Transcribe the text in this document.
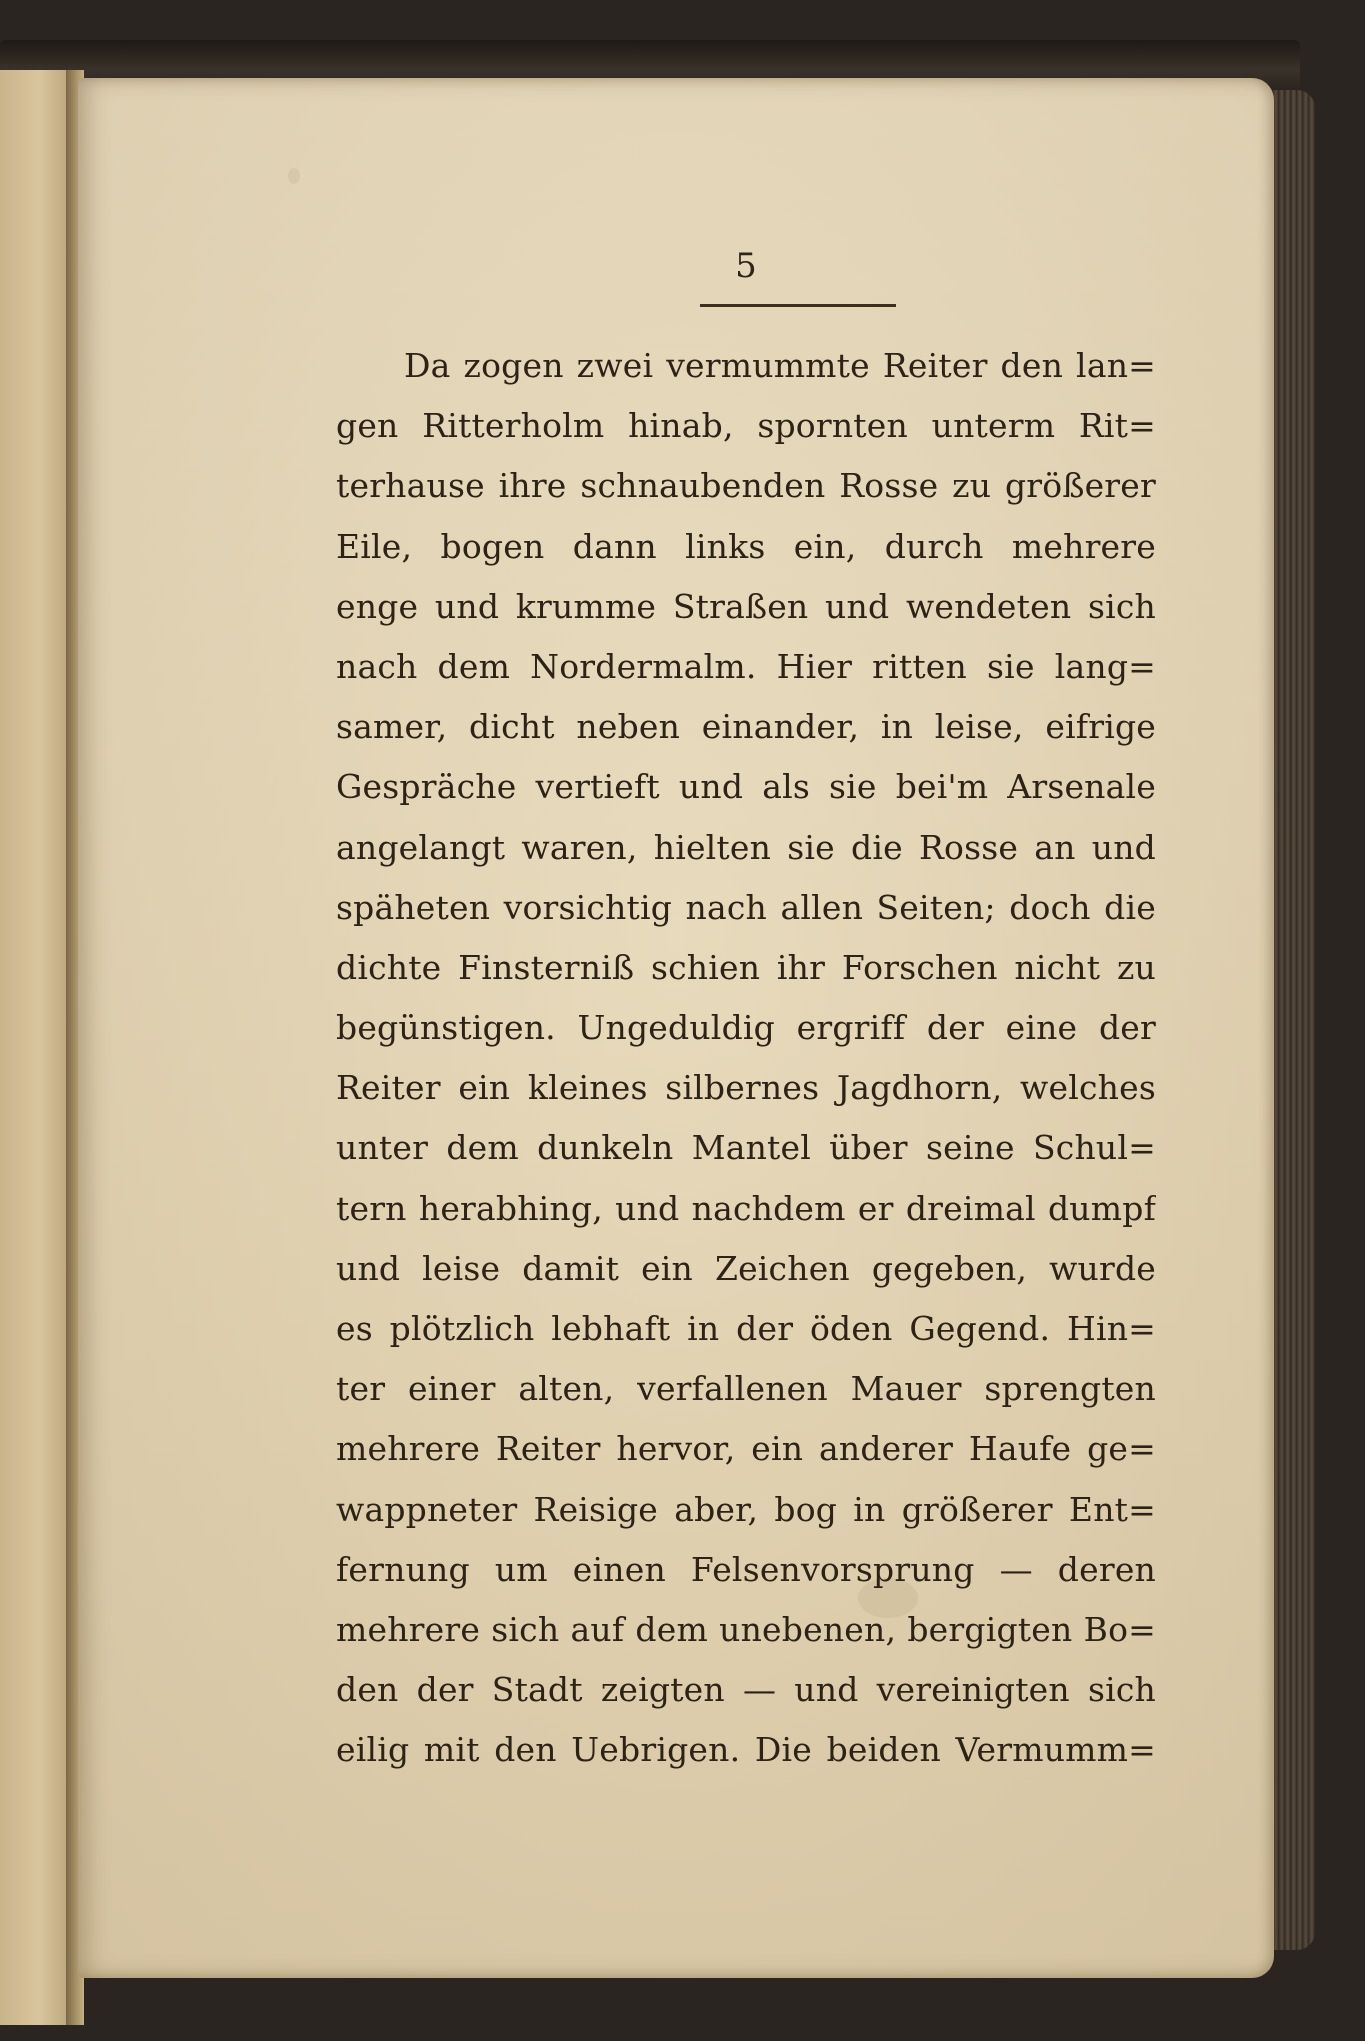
5
Da zogen zwei vermummte Reiter den lan=
gen Ritterholm hinab, spornten unterm Rit=
terhause ihre schnaubenden Rosse zu größerer
Eile, bogen dann links ein, durch mehrere
enge und krumme Straßen und wendeten sich
nach dem Nordermalm. Hier ritten sie lang=
samer, dicht neben einander, in leise, eifrige
Gespräche vertieft und als sie bei'm Arsenale
angelangt waren, hielten sie die Rosse an und
späheten vorsichtig nach allen Seiten; doch die
dichte Finsterniß schien ihr Forschen nicht zu
begünstigen. Ungeduldig ergriff der eine der
Reiter ein kleines silbernes Jagdhorn, welches
unter dem dunkeln Mantel über seine Schul=
tern herabhing, und nachdem er dreimal dumpf
und leise damit ein Zeichen gegeben, wurde
es plötzlich lebhaft in der öden Gegend. Hin=
ter einer alten, verfallenen Mauer sprengten
mehrere Reiter hervor, ein anderer Haufe ge=
wappneter Reisige aber, bog in größerer Ent=
fernung um einen Felsenvorsprung — deren
mehrere sich auf dem unebenen, bergigten Bo=
den der Stadt zeigten — und vereinigten sich
eilig mit den Uebrigen. Die beiden Vermumm=
